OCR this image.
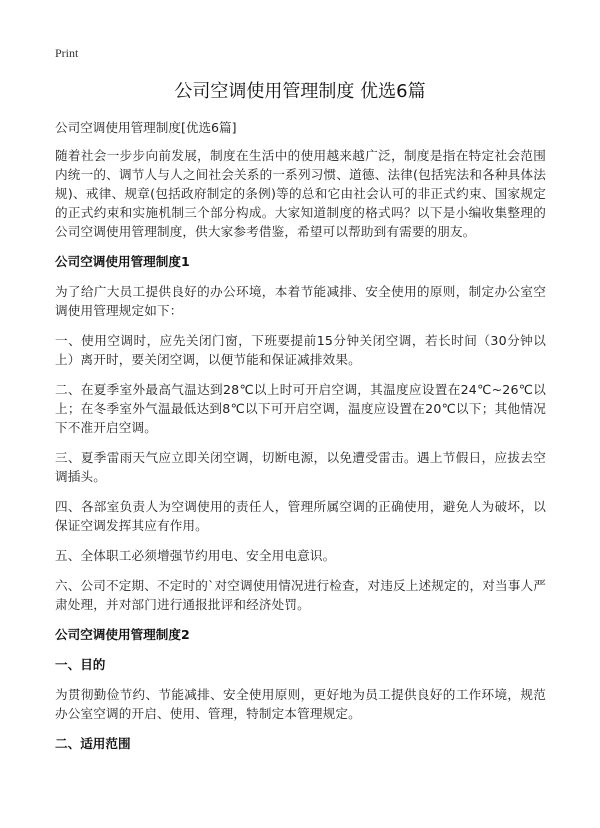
Print
公司空调使用管理制度 优选6篇

公司空调使用管理制度[优选6篇]

随着社会一步步向前发展，制度在生活中的使用越来越广泛，制度是指在特定社会范围内统一的、调节人与人之间社会关系的一系列习惯、道德、法律(包括宪法和各种具体法规)、戒律、规章(包括政府制定的条例)等的总和它由社会认可的非正式约束、国家规定的正式约束和实施机制三个部分构成。大家知道制度的格式吗？以下是小编收集整理的公司空调使用管理制度，供大家参考借鉴，希望可以帮助到有需要的朋友。

公司空调使用管理制度1

为了给广大员工提供良好的办公环境，本着节能减排、安全使用的原则，制定办公室空调使用管理规定如下：

一、使用空调时，应先关闭门窗，下班要提前15分钟关闭空调，若长时间（30分钟以上）离开时，要关闭空调，以便节能和保证减排效果。

二、在夏季室外最高气温达到28℃以上时可开启空调，其温度应设置在24℃~26℃以上；在冬季室外气温最低达到8℃以下可开启空调，温度应设置在20℃以下；其他情况下不准开启空调。

三、夏季雷雨天气应立即关闭空调，切断电源，以免遭受雷击。遇上节假日，应拔去空调插头。

四、各部室负责人为空调使用的责任人，管理所属空调的正确使用，避免人为破坏，以保证空调发挥其应有作用。

五、全体职工必须增强节约用电、安全用电意识。

六、公司不定期、不定时的`对空调使用情况进行检查，对违反上述规定的，对当事人严肃处理，并对部门进行通报批评和经济处罚。

公司空调使用管理制度2

一、目的

为贯彻勤俭节约、节能减排、安全使用原则，更好地为员工提供良好的工作环境，规范办公室空调的开启、使用、管理，特制定本管理规定。

二、适用范围
